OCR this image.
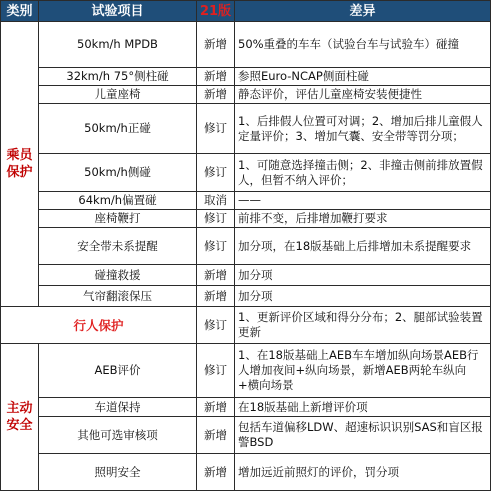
类别	试验项目	21版	差异
乘员保护	50km/h MPDB	新增	50%重叠的车车（试验台车与试验车）碰撞
	32km/h 75°侧柱碰	新增	参照Euro-NCAP侧面柱碰
	儿童座椅	新增	静态评价，评估儿童座椅安装便捷性
	50km/h正碰	修订	1、后排假人位置可对调；2、增加后排儿童假人定量评价；3、增加气囊、安全带等罚分项；
	50km/h侧碰	修订	1、可随意选择撞击侧；2、非撞击侧前排放置假人，但暂不纳入评价；
	64km/h偏置碰	取消	——
	座椅鞭打	修订	前排不变，后排增加鞭打要求
	安全带未系提醒	修订	加分项，在18版基础上后排增加未系提醒要求
	碰撞救援	新增	加分项
	气帘翻滚保压	新增	加分项
行人保护		修订	1、更新评价区域和得分分布；2、腿部试验装置更新
主动安全	AEB评价	修订	1、在18版基础上AEB车车增加纵向场景AEB行人增加夜间+纵向场景，新增AEB两轮车纵向+横向场景
	车道保持	新增	在18版基础上新增评价项
	其他可选审核项	新增	包括车道偏移LDW、超速标识识别SAS和盲区报警BSD
	照明安全	新增	增加远近前照灯的评价，罚分项
